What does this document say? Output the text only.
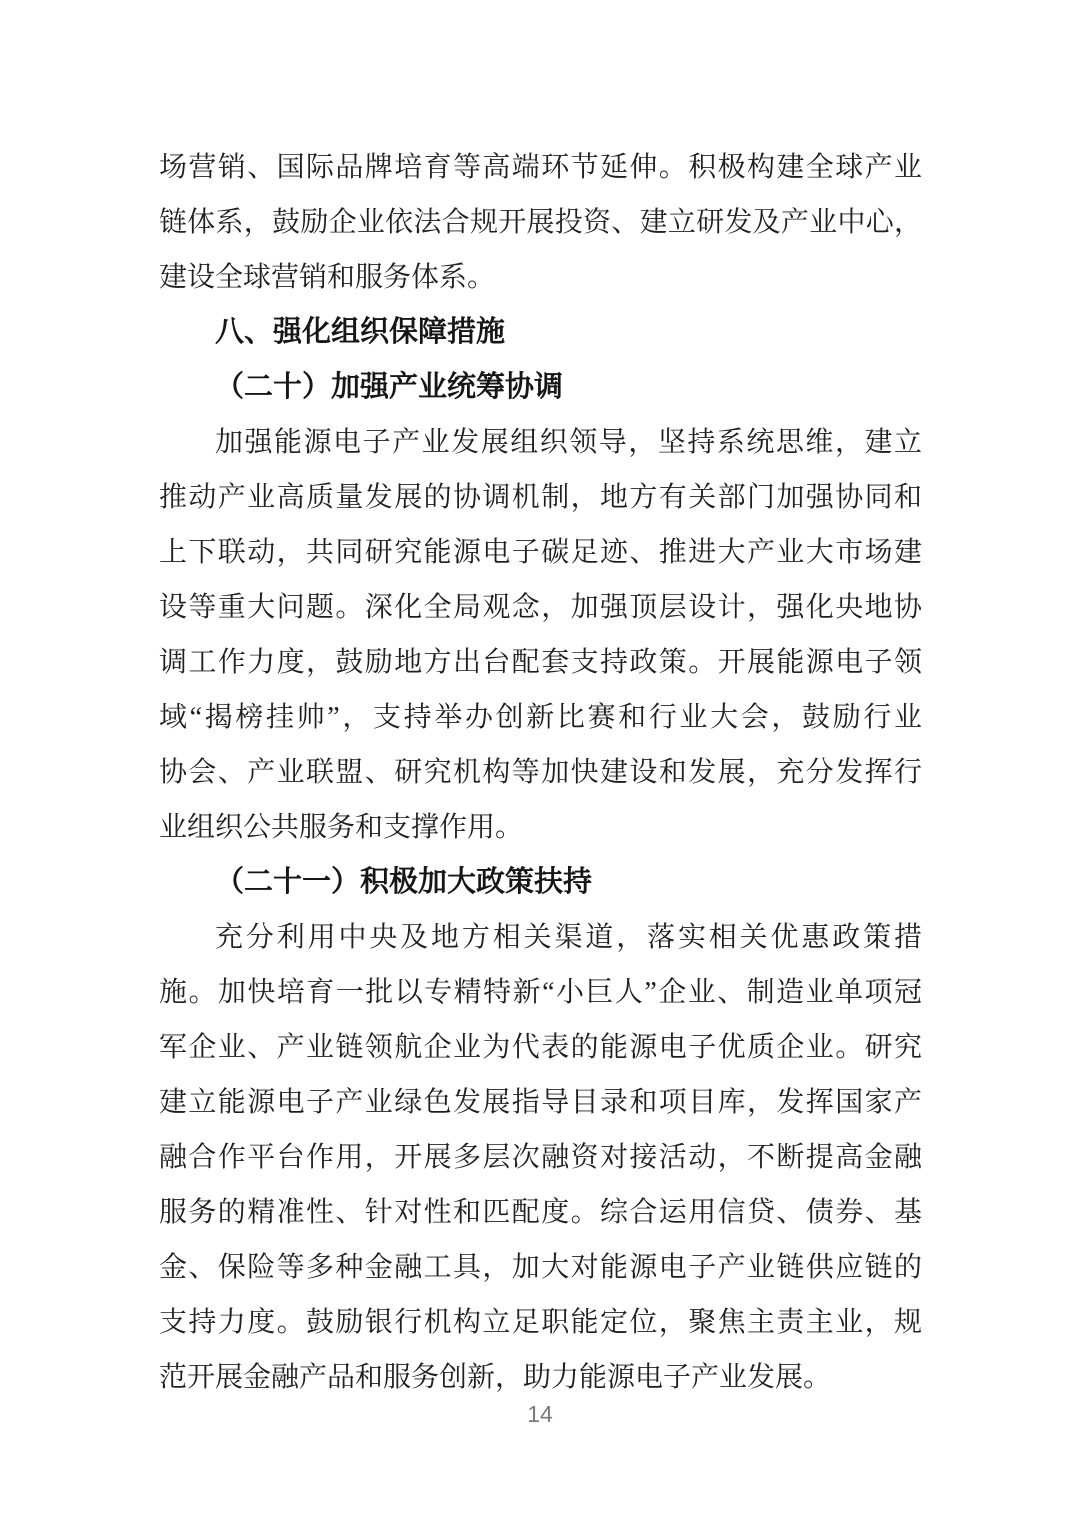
场营销、国际品牌培育等高端环节延伸。积极构建全球产业
链体系，鼓励企业依法合规开展投资、建立研发及产业中心，
建设全球营销和服务体系。
八、强化组织保障措施
（二十）加强产业统筹协调
加强能源电子产业发展组织领导，坚持系统思维，建立
推动产业高质量发展的协调机制，地方有关部门加强协同和
上下联动，共同研究能源电子碳足迹、推进大产业大市场建
设等重大问题。深化全局观念，加强顶层设计，强化央地协
调工作力度，鼓励地方出台配套支持政策。开展能源电子领
域“揭榜挂帅”，支持举办创新比赛和行业大会，鼓励行业
协会、产业联盟、研究机构等加快建设和发展，充分发挥行
业组织公共服务和支撑作用。
（二十一）积极加大政策扶持
充分利用中央及地方相关渠道，落实相关优惠政策措
施。加快培育一批以专精特新“小巨人”企业、制造业单项冠
军企业、产业链领航企业为代表的能源电子优质企业。研究
建立能源电子产业绿色发展指导目录和项目库，发挥国家产
融合作平台作用，开展多层次融资对接活动，不断提高金融
服务的精准性、针对性和匹配度。综合运用信贷、债券、基
金、保险等多种金融工具，加大对能源电子产业链供应链的
支持力度。鼓励银行机构立足职能定位，聚焦主责主业，规
范开展金融产品和服务创新，助力能源电子产业发展。
14
